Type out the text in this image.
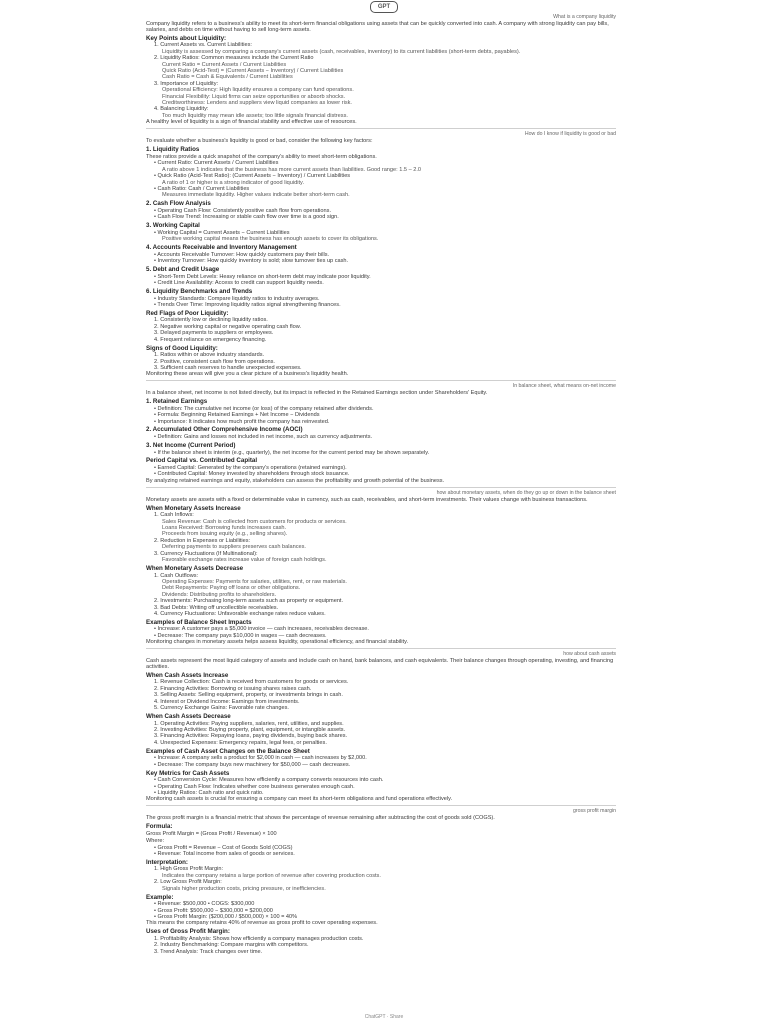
GPT
What is a company liquidity
Company liquidity refers to a business's ability to meet its short-term financial obligations using assets that can be quickly converted into cash. A company with strong liquidity can pay bills, salaries, and debts on time without having to sell long-term assets.
Key Points about Liquidity:
1. Current Assets vs. Current Liabilities:
Liquidity is assessed by comparing a company's current assets (cash, receivables, inventory) to its current liabilities (short-term debts, payables).
2. Liquidity Ratios: Common measures include the Current Ratio
Current Ratio = Current Assets / Current Liabilities
Quick Ratio (Acid-Test) = (Current Assets − Inventory) / Current Liabilities
Cash Ratio = Cash & Equivalents / Current Liabilities
3. Importance of Liquidity:
Operational Efficiency: High liquidity ensures a company can fund operations.
Financial Flexibility: Liquid firms can seize opportunities or absorb shocks.
Creditworthiness: Lenders and suppliers view liquid companies as lower risk.
4. Balancing Liquidity:
Too much liquidity may mean idle assets; too little signals financial distress.
A healthy level of liquidity is a sign of financial stability and effective use of resources.
How do I know if liquidity is good or bad
To evaluate whether a business's liquidity is good or bad, consider the following key factors:
1. Liquidity Ratios
These ratios provide a quick snapshot of the company's ability to meet short-term obligations.
• Current Ratio: Current Assets / Current Liabilities
A ratio above 1 indicates that the business has more current assets than liabilities. Good range: 1.5 – 2.0
• Quick Ratio (Acid-Test Ratio): (Current Assets − Inventory) / Current Liabilities
A ratio of 1 or higher is a strong indicator of good liquidity.
• Cash Ratio: Cash / Current Liabilities
Measures immediate liquidity. Higher values indicate better short-term cash.
2. Cash Flow Analysis
• Operating Cash Flow: Consistently positive cash flow from operations.
• Cash Flow Trend: Increasing or stable cash flow over time is a good sign.
3. Working Capital
• Working Capital = Current Assets − Current Liabilities
Positive working capital means the business has enough assets to cover its obligations.
4. Accounts Receivable and Inventory Management
• Accounts Receivable Turnover: How quickly customers pay their bills.
• Inventory Turnover: How quickly inventory is sold; slow turnover ties up cash.
5. Debt and Credit Usage
• Short-Term Debt Levels: Heavy reliance on short-term debt may indicate poor liquidity.
• Credit Line Availability: Access to credit can support liquidity needs.
6. Liquidity Benchmarks and Trends
• Industry Standards: Compare liquidity ratios to industry averages.
• Trends Over Time: Improving liquidity ratios signal strengthening finances.
Red Flags of Poor Liquidity:
1. Consistently low or declining liquidity ratios.
2. Negative working capital or negative operating cash flow.
3. Delayed payments to suppliers or employees.
4. Frequent reliance on emergency financing.
Signs of Good Liquidity:
1. Ratios within or above industry standards.
2. Positive, consistent cash flow from operations.
3. Sufficient cash reserves to handle unexpected expenses.
Monitoring these areas will give you a clear picture of a business's liquidity health.
In balance sheet, what means on-net income
In a balance sheet, net income is not listed directly, but its impact is reflected in the Retained Earnings section under Shareholders' Equity.
1. Retained Earnings
• Definition: The cumulative net income (or loss) of the company retained after dividends.
• Formula: Beginning Retained Earnings + Net Income − Dividends
• Importance: It indicates how much profit the company has reinvested.
2. Accumulated Other Comprehensive Income (AOCI)
• Definition: Gains and losses not included in net income, such as currency adjustments.
3. Net Income (Current Period)
• If the balance sheet is interim (e.g., quarterly), the net income for the current period may be shown separately.
Period Capital vs. Contributed Capital
• Earned Capital: Generated by the company's operations (retained earnings).
• Contributed Capital: Money invested by shareholders through stock issuance.
By analyzing retained earnings and equity, stakeholders can assess the profitability and growth potential of the business.
how about monetary assets, when do they go up or down in the balance sheet
Monetary assets are assets with a fixed or determinable value in currency, such as cash, receivables, and short-term investments. Their values change with business transactions.
When Monetary Assets Increase
1. Cash Inflows:
Sales Revenue: Cash is collected from customers for products or services.
Loans Received: Borrowing funds increases cash.
Proceeds from issuing equity (e.g., selling shares).
2. Reduction in Expenses or Liabilities:
Deferring payments to suppliers preserves cash balances.
3. Currency Fluctuations (If Multinational):
Favorable exchange rates increase value of foreign cash holdings.
When Monetary Assets Decrease
1. Cash Outflows:
Operating Expenses: Payments for salaries, utilities, rent, or raw materials.
Debt Repayments: Paying off loans or other obligations.
Dividends: Distributing profits to shareholders.
2. Investments: Purchasing long-term assets such as property or equipment.
3. Bad Debts: Writing off uncollectible receivables.
4. Currency Fluctuations: Unfavorable exchange rates reduce values.
Examples of Balance Sheet Impacts
• Increase: A customer pays a $5,000 invoice — cash increases, receivables decrease.
• Decrease: The company pays $10,000 in wages — cash decreases.
Monitoring changes in monetary assets helps assess liquidity, operational efficiency, and financial stability.
how about cash assets
Cash assets represent the most liquid category of assets and include cash on hand, bank balances, and cash equivalents. Their balance changes through operating, investing, and financing activities.
When Cash Assets Increase
1. Revenue Collection: Cash is received from customers for goods or services.
2. Financing Activities: Borrowing or issuing shares raises cash.
3. Selling Assets: Selling equipment, property, or investments brings in cash.
4. Interest or Dividend Income: Earnings from investments.
5. Currency Exchange Gains: Favorable rate changes.
When Cash Assets Decrease
1. Operating Activities: Paying suppliers, salaries, rent, utilities, and supplies.
2. Investing Activities: Buying property, plant, equipment, or intangible assets.
3. Financing Activities: Repaying loans, paying dividends, buying back shares.
4. Unexpected Expenses: Emergency repairs, legal fees, or penalties.
Examples of Cash Asset Changes on the Balance Sheet
• Increase: A company sells a product for $2,000 in cash — cash increases by $2,000.
• Decrease: The company buys new machinery for $50,000 — cash decreases.
Key Metrics for Cash Assets
• Cash Conversion Cycle: Measures how efficiently a company converts resources into cash.
• Operating Cash Flow: Indicates whether core business generates enough cash.
• Liquidity Ratios: Cash ratio and quick ratio.
Monitoring cash assets is crucial for ensuring a company can meet its short-term obligations and fund operations effectively.
gross profit margin
The gross profit margin is a financial metric that shows the percentage of revenue remaining after subtracting the cost of goods sold (COGS).
Formula:
Gross Profit Margin = (Gross Profit / Revenue) × 100
Where:
• Gross Profit = Revenue − Cost of Goods Sold (COGS)
• Revenue: Total income from sales of goods or services.
Interpretation:
1. High Gross Profit Margin:
Indicates the company retains a large portion of revenue after covering production costs.
2. Low Gross Profit Margin:
Signals higher production costs, pricing pressure, or inefficiencies.
Example:
• Revenue: $500,000 • COGS: $300,000
• Gross Profit: $500,000 − $300,000 = $200,000
• Gross Profit Margin: ($200,000 / $500,000) × 100 = 40%
This means the company retains 40% of revenue as gross profit to cover operating expenses.
Uses of Gross Profit Margin:
1. Profitability Analysis: Shows how efficiently a company manages production costs.
2. Industry Benchmarking: Compare margins with competitors.
3. Trend Analysis: Track changes over time.
ChatGPT · Share
